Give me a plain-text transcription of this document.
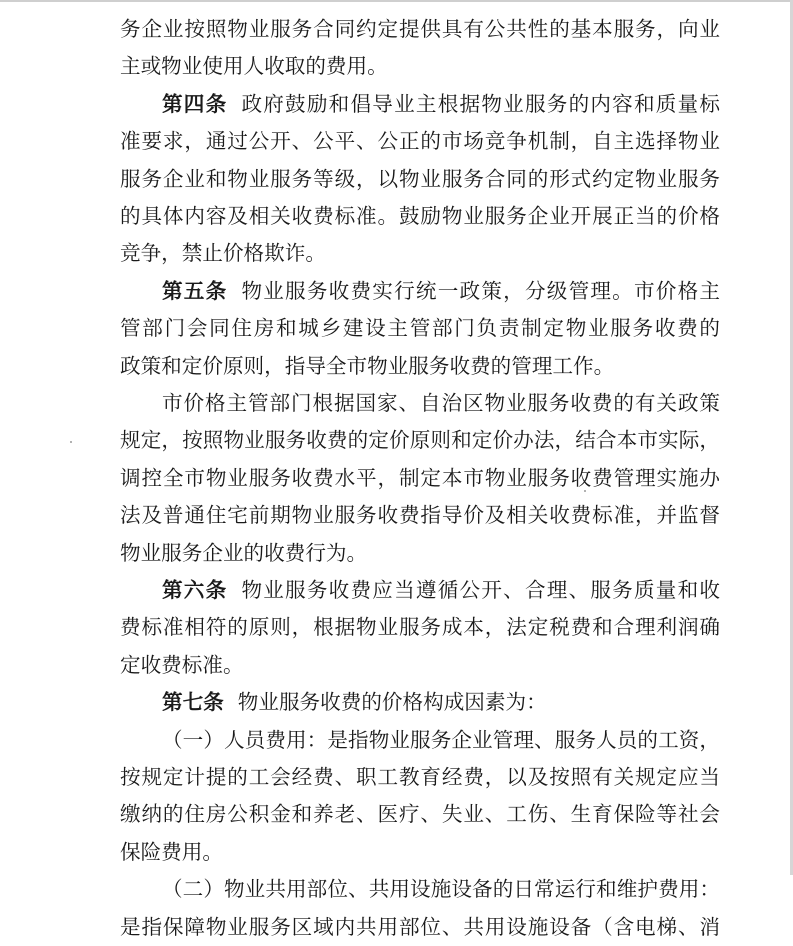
务企业按照物业服务合同约定提供具有公共性的基本服务，向业
主或物业使用人收取的费用。
第四条 政府鼓励和倡导业主根据物业服务的内容和质量标
准要求，通过公开、公平、公正的市场竞争机制，自主选择物业
服务企业和物业服务等级，以物业服务合同的形式约定物业服务
的具体内容及相关收费标准。鼓励物业服务企业开展正当的价格
竞争，禁止价格欺诈。
第五条 物业服务收费实行统一政策，分级管理。市价格主
管部门会同住房和城乡建设主管部门负责制定物业服务收费的
政策和定价原则，指导全市物业服务收费的管理工作。
市价格主管部门根据国家、自治区物业服务收费的有关政策
规定，按照物业服务收费的定价原则和定价办法，结合本市实际，
调控全市物业服务收费水平，制定本市物业服务收费管理实施办
法及普通住宅前期物业服务收费指导价及相关收费标准，并监督
物业服务企业的收费行为。
第六条 物业服务收费应当遵循公开、合理、服务质量和收
费标准相符的原则，根据物业服务成本，法定税费和合理利润确
定收费标准。
第七条 物业服务收费的价格构成因素为：
（一）人员费用：是指物业服务企业管理、服务人员的工资，
按规定计提的工会经费、职工教育经费，以及按照有关规定应当
缴纳的住房公积金和养老、医疗、失业、工伤、生育保险等社会
保险费用。
（二）物业共用部位、共用设施设备的日常运行和维护费用：
是指保障物业服务区域内共用部位、共用设施设备（含电梯、消
